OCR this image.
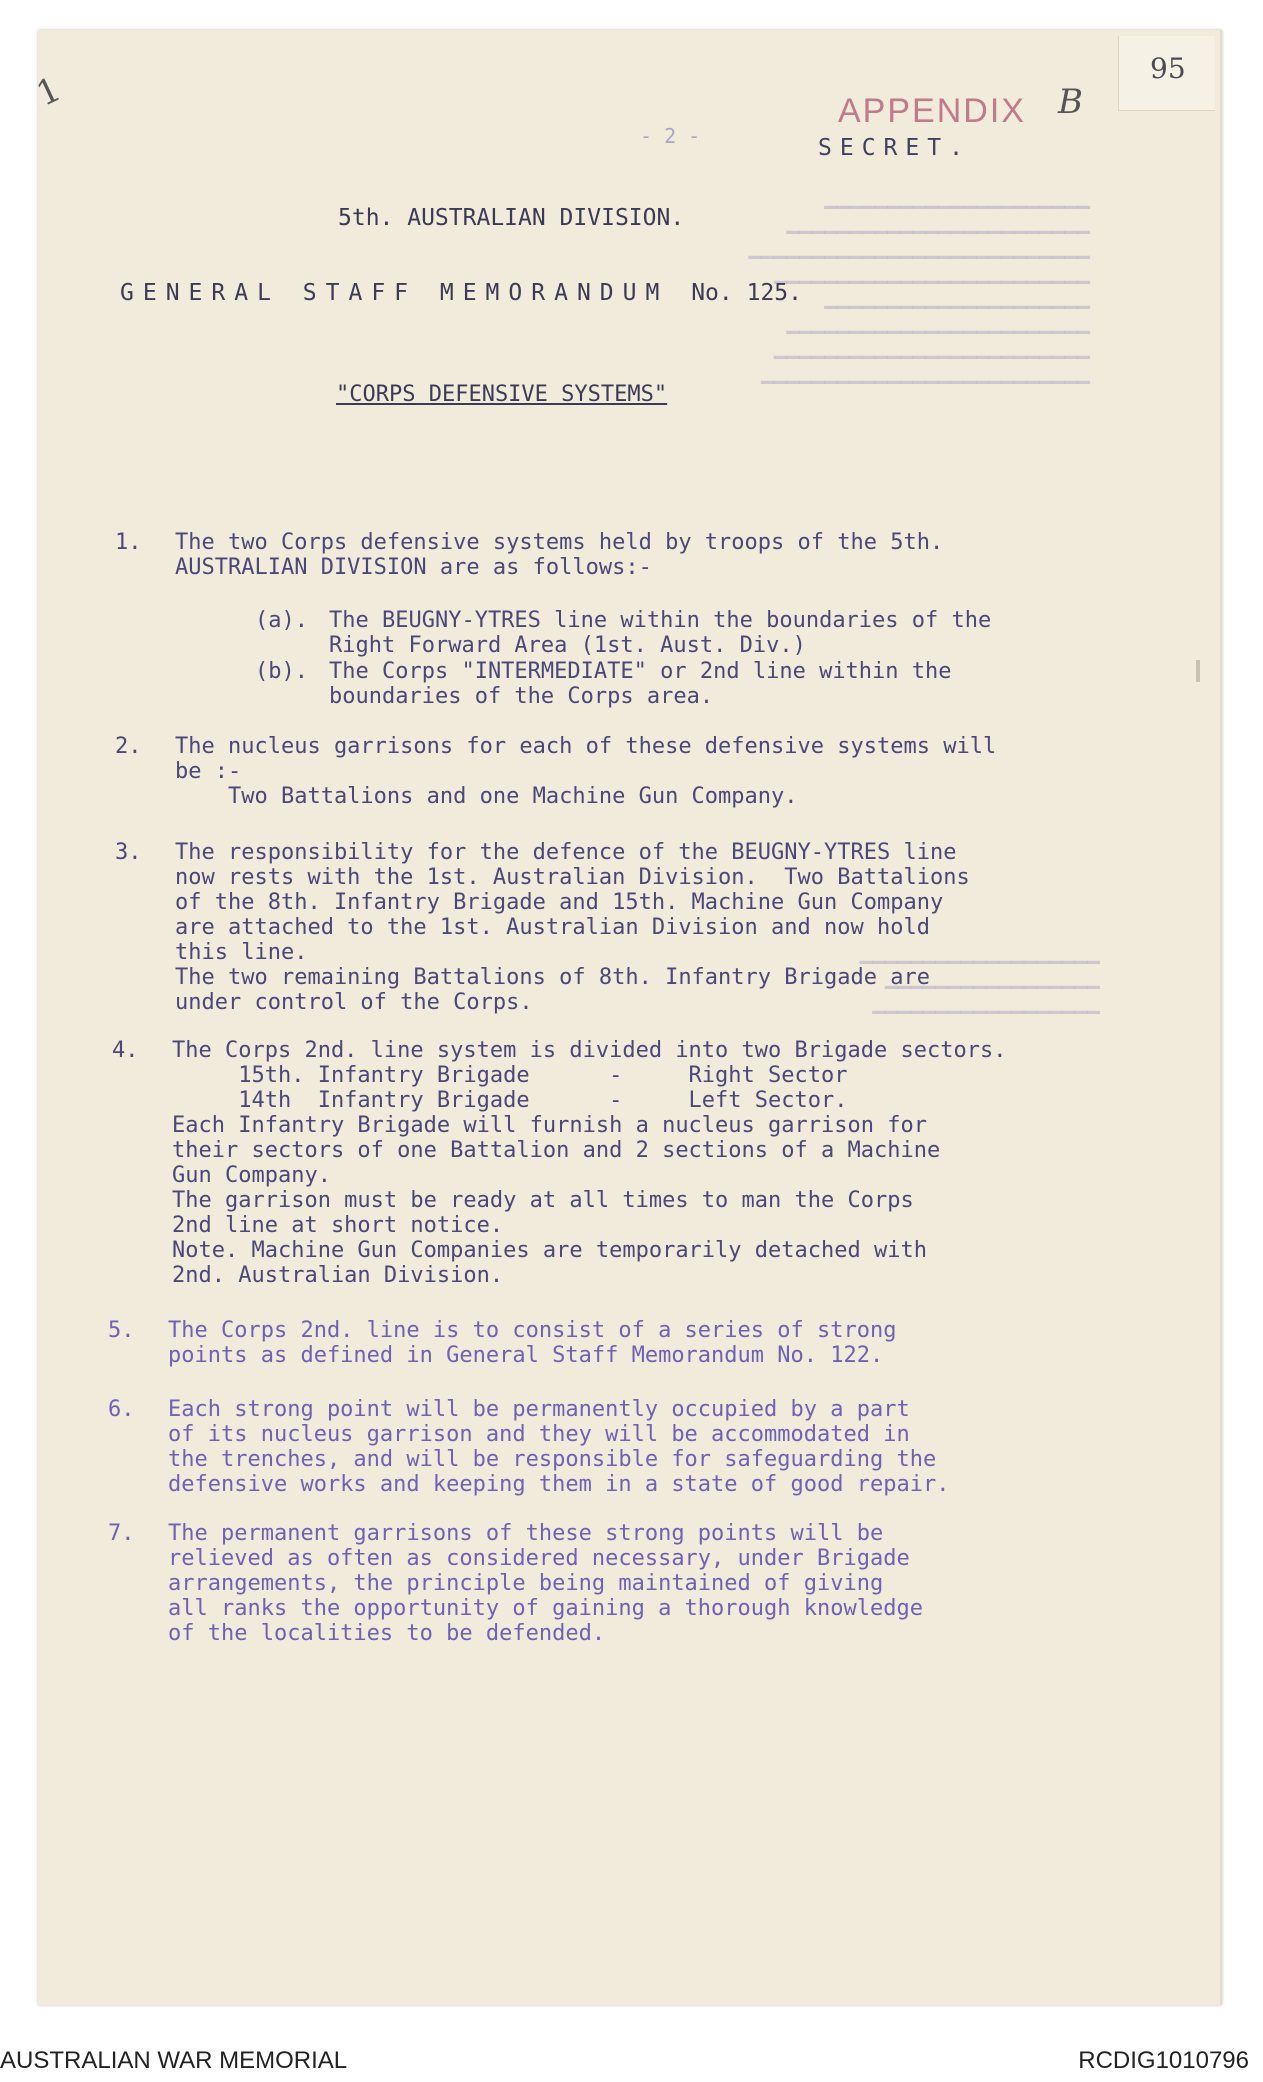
95
1	APPENDIX B
- 2 -	SECRET.
▁▁▁▁▁▁▁▁▁▁▁▁▁▁▁▁▁▁▁▁▁▁▁▁▁▁
▁▁▁▁▁▁▁▁▁▁▁▁▁▁▁▁▁▁▁▁▁▁▁▁▁
▁▁▁▁▁▁▁▁▁▁▁▁▁▁▁▁▁▁▁▁▁▁▁▁
▁▁▁▁▁▁▁▁▁▁▁▁▁▁▁▁▁▁▁▁▁
▁▁▁▁▁▁▁▁▁▁▁▁▁▁▁▁▁▁▁▁▁▁▁▁▁
▁▁▁▁▁▁▁▁▁▁▁▁▁▁▁▁▁▁▁▁▁▁▁▁▁▁▁
▁▁▁▁▁▁▁▁▁▁▁▁▁▁▁▁▁▁▁▁▁▁▁▁
▁▁▁▁▁▁▁▁▁▁▁▁▁▁▁▁▁▁▁▁▁
▁▁▁▁▁▁▁▁▁▁▁▁▁▁▁▁▁▁
▁▁▁▁▁▁▁▁▁▁▁▁▁▁▁▁▁
▁▁▁▁▁▁▁▁▁▁▁▁▁▁▁▁▁▁▁
5th. AUSTRALIAN DIVISION.
GENERAL STAFF MEMORANDUM No. 125.
"CORPS DEFENSIVE SYSTEMS"
1. The two Corps defensive systems held by troops of the 5th.
AUSTRALIAN DIVISION are as follows:-
(a). The BEUGNY-YTRES line within the boundaries of the
Right Forward Area (1st. Aust. Div.)
(b). The Corps "INTERMEDIATE" or 2nd line within the
boundaries of the Corps area.
2. The nucleus garrisons for each of these defensive systems will
be :-
Two Battalions and one Machine Gun Company.
3. The responsibility for the defence of the BEUGNY-YTRES line
now rests with the 1st. Australian Division.  Two Battalions
of the 8th. Infantry Brigade and 15th. Machine Gun Company
are attached to the 1st. Australian Division and now hold
this line.
The two remaining Battalions of 8th. Infantry Brigade are
under control of the Corps.
4. The Corps 2nd. line system is divided into two Brigade sectors.
15th. Infantry Brigade      -     Right Sector
14th  Infantry Brigade      -     Left Sector.
Each Infantry Brigade will furnish a nucleus garrison for
their sectors of one Battalion and 2 sections of a Machine
Gun Company.
The garrison must be ready at all times to man the Corps
2nd line at short notice.
Note. Machine Gun Companies are temporarily detached with
2nd. Australian Division.
5. The Corps 2nd. line is to consist of a series of strong
points as defined in General Staff Memorandum No. 122.
6. Each strong point will be permanently occupied by a part
of its nucleus garrison and they will be accommodated in
the trenches, and will be responsible for safeguarding the
defensive works and keeping them in a state of good repair.
7. The permanent garrisons of these strong points will be
relieved as often as considered necessary, under Brigade
arrangements, the principle being maintained of giving
all ranks the opportunity of gaining a thorough knowledge
of the localities to be defended.
AUSTRALIAN WAR MEMORIAL	RCDIG1010796
